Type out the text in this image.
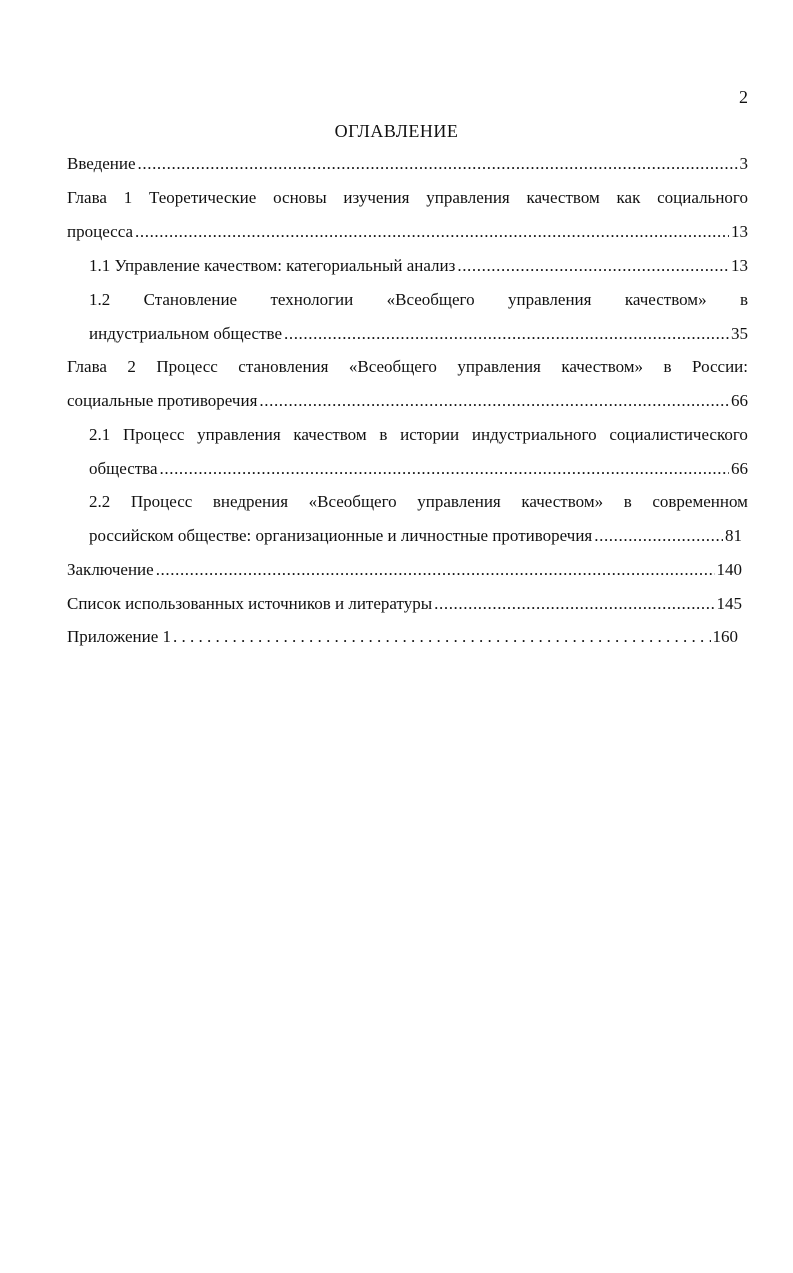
2
ОГЛАВЛЕНИЕ
Введение .....	3
Глава 1 Теоретические основы изучения управления качеством как социального
процесса .....	13
1.1 Управление качеством: категориальный анализ .....	13
1.2 Становление технологии «Всеобщего управления качеством» в
индустриальном обществе .....	35
Глава 2 Процесс становления «Всеобщего управления качеством» в России:
социальные противоречия .....	66
2.1 Процесс управления качеством в истории индустриального социалистического
общества .....	66
2.2 Процесс внедрения «Всеобщего управления качеством» в современном
российском обществе: организационные и личностные противоречия .....	81
Заключение .....	140
Список использованных источников и литературы .....	145
Приложение 1 . . .	160
